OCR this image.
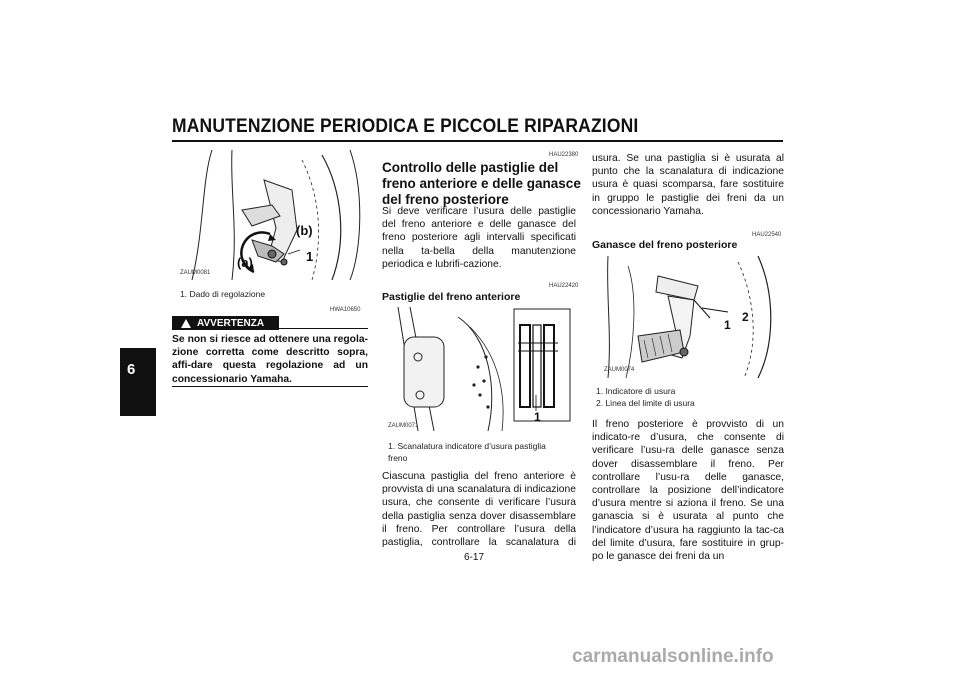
MANUTENZIONE PERIODICA E PICCOLE RIPARAZIONI
6
(b)
(a)	1
ZAUM0081
1. Dado di regolazione
HWA10650
AVVERTENZA
Se non si riesce ad ottenere una regola-zione corretta come descritto sopra, affi-dare questa regolazione ad un concessionario Yamaha.
HAU22380
Controllo delle pastiglie del freno anteriore e delle ganasce del freno posteriore
Si deve verificare l’usura delle pastiglie del freno anteriore e delle ganasce del freno posteriore agli intervalli specificati nella ta-bella della manutenzione periodica e lubrifi-cazione.
HAU22420
Pastiglie del freno anteriore
1
ZAUM0071
1. Scanalatura indicatore d’usura pastiglia freno
Ciascuna pastiglia del freno anteriore è provvista di una scanalatura di indicazione usura, che consente di verificare l’usura della pastiglia senza dover disassemblare il freno. Per controllare l’usura della pastiglia, controllare la scanalatura di
usura. Se una pastiglia si è usurata al punto che la scanalatura di indicazione usura è quasi scomparsa, fare sostituire in gruppo le pastiglie dei freni da un concessionario Yamaha.
HAU22540
Ganasce del freno posteriore
1
2
ZAUM0074
1. Indicatore di usura
2. Linea del limite di usura
Il freno posteriore è provvisto di un indicato-re d’usura, che consente di verificare l’usu-ra delle ganasce senza dover disassemblare il freno. Per controllare l’usu-ra delle ganasce, controllare la posizione dell’indicatore d’usura mentre si aziona il freno. Se una ganascia si è usurata al punto che l’indicatore d’usura ha raggiunto la tac-ca del limite d’usura, fare sostituire in grup-po le ganasce dei freni da un
6-17
carmanualsonline.info
